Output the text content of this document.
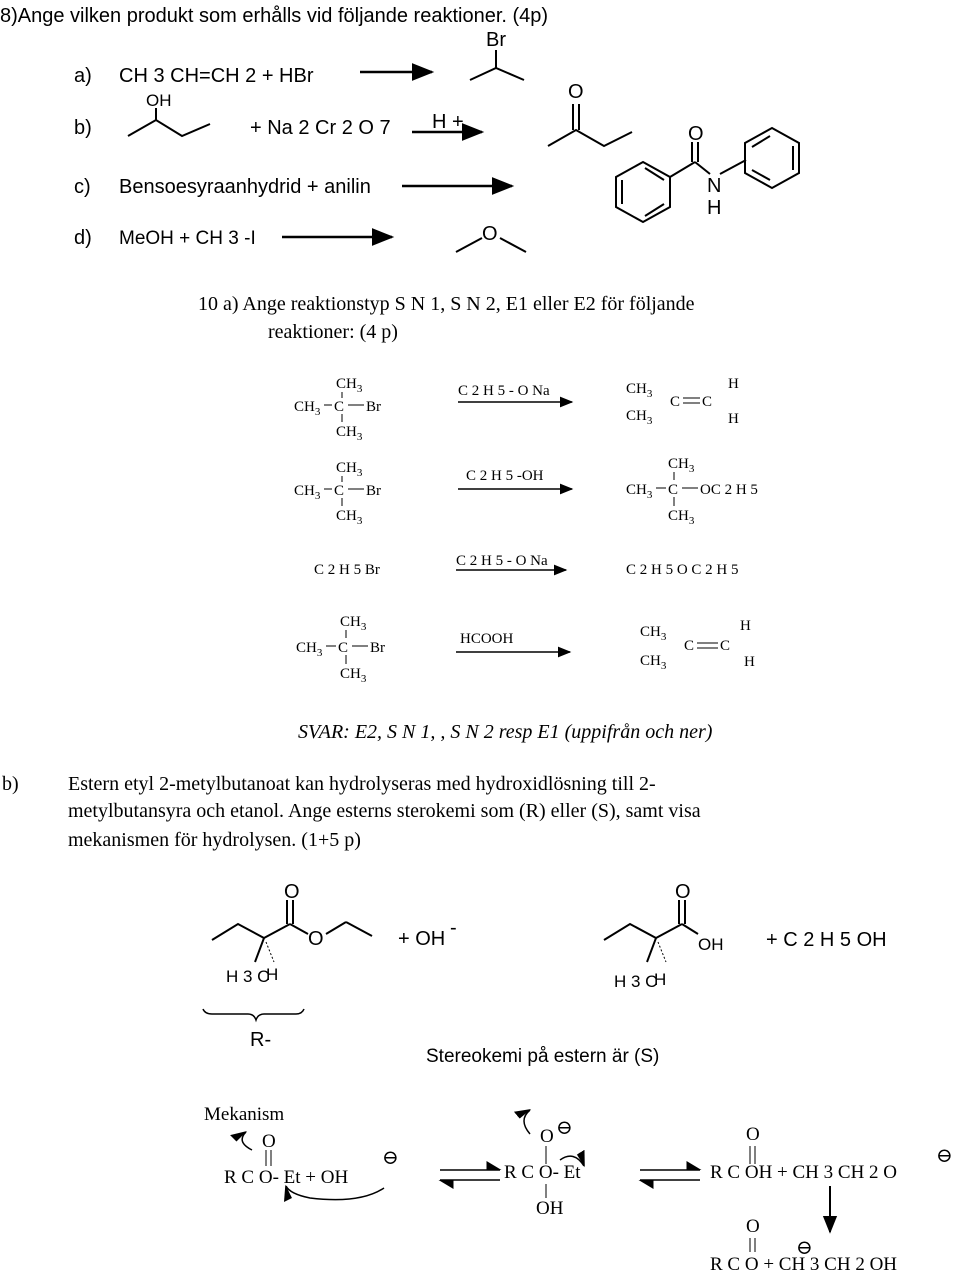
8)Ange vilken produkt som erhålls vid följande reaktioner. (4p)
a) CH 3 CH=CH 2 + HBr
Br
b)
OH
+ Na 2 Cr 2 O 7 H +
O
c) Bensoesyraanhydrid + anilin
O
N
H
d) MeOH + CH 3 -I	O
10 a) Ange reaktionstyp S N 1, S N 2, E1 eller E2 för följande
reaktioner: (4 p)
$CH_3$
$CH_3$ C Br
$CH_3$
C 2 H 5 - O Na	$CH_3$
$CH_3$
C C
H
H
$CH_3$
$CH_3$ C Br
$CH_3$
C 2 H 5 -OH
$CH_3$
$CH_3$ C OC 2 H 5
$CH_3$
C 2 H 5 Br
C 2 H 5 - O Na
C 2 H 5 O C 2 H 5
$CH_3$
$CH_3$ C Br
$CH_3$
HCOOH	$CH_3$
$CH_3$
C C
H
H
SVAR: E2, S N 1, , S N 2 resp E1 (uppifrån och ner)
b) Estern etyl 2-metylbutanoat kan hydrolyseras med hydroxidlösning till 2-
metylbutansyra och etanol. Ange esterns sterokemi som (R) eller (S), samt visa
mekanismen för hydrolysen. (1+5 p)
O
O
H 3 C
H
+ OH -
O
OH
H 3 C
H
+ C 2 H 5 OH
R-
Stereokemi på estern är (S)
Mekanism
O
R C O- Et + OH
⊖
O ⊖
R C O- Et
OH
O
R C OH + CH 3 CH 2 O
⊖
O
R C O + CH 3 CH 2 OH
⊖
